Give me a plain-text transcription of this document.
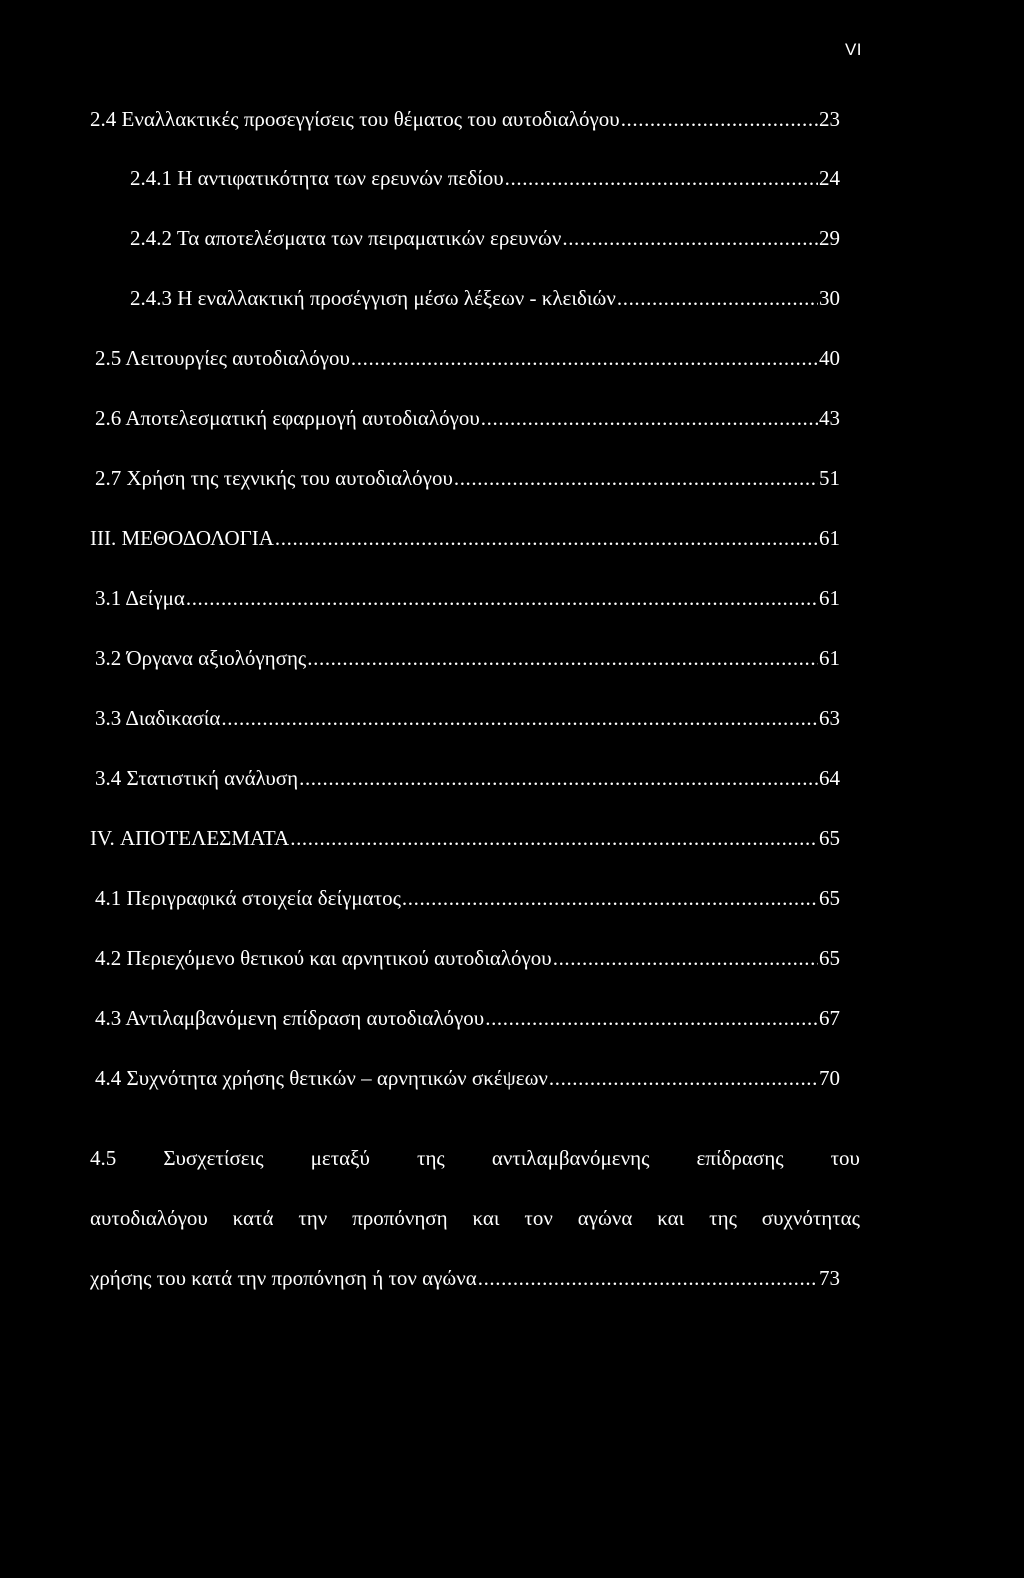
VI
2.4 Εναλλακτικές προσεγγίσεις του θέματος του αυτοδιαλόγου .....	23
2.4.1 Η αντιφατικότητα των ερευνών πεδίου .....	24
2.4.2 Τα αποτελέσματα των πειραματικών ερευνών .....	29
2.4.3 Η εναλλακτική προσέγγιση μέσω λέξεων - κλειδιών .....	30
2.5 Λειτουργίες αυτοδιαλόγου .....	40
2.6 Αποτελεσματική εφαρμογή αυτοδιαλόγου .....	43
2.7 Χρήση της τεχνικής του αυτοδιαλόγου .....	51
III. ΜΕΘΟΔΟΛΟΓΙΑ .....	61
3.1 Δείγμα .....	61
3.2 Όργανα αξιολόγησης .....	61
3.3 Διαδικασία .....	63
3.4 Στατιστική ανάλυση .....	64
IV. ΑΠΟΤΕΛΕΣΜΑΤΑ .....	65
4.1 Περιγραφικά στοιχεία δείγματος .....	65
4.2 Περιεχόμενο θετικού και αρνητικού αυτοδιαλόγου .....	65
4.3 Αντιλαμβανόμενη επίδραση αυτοδιαλόγου .....	67
4.4 Συχνότητα χρήσης θετικών – αρνητικών σκέψεων .....	70
4.5 Συσχετίσεις μεταξύ της αντιλαμβανόμενης επίδρασης του
αυτοδιαλόγου κατά την προπόνηση και τον αγώνα και της συχνότητας
χρήσης του κατά την προπόνηση ή τον αγώνα .....	73
